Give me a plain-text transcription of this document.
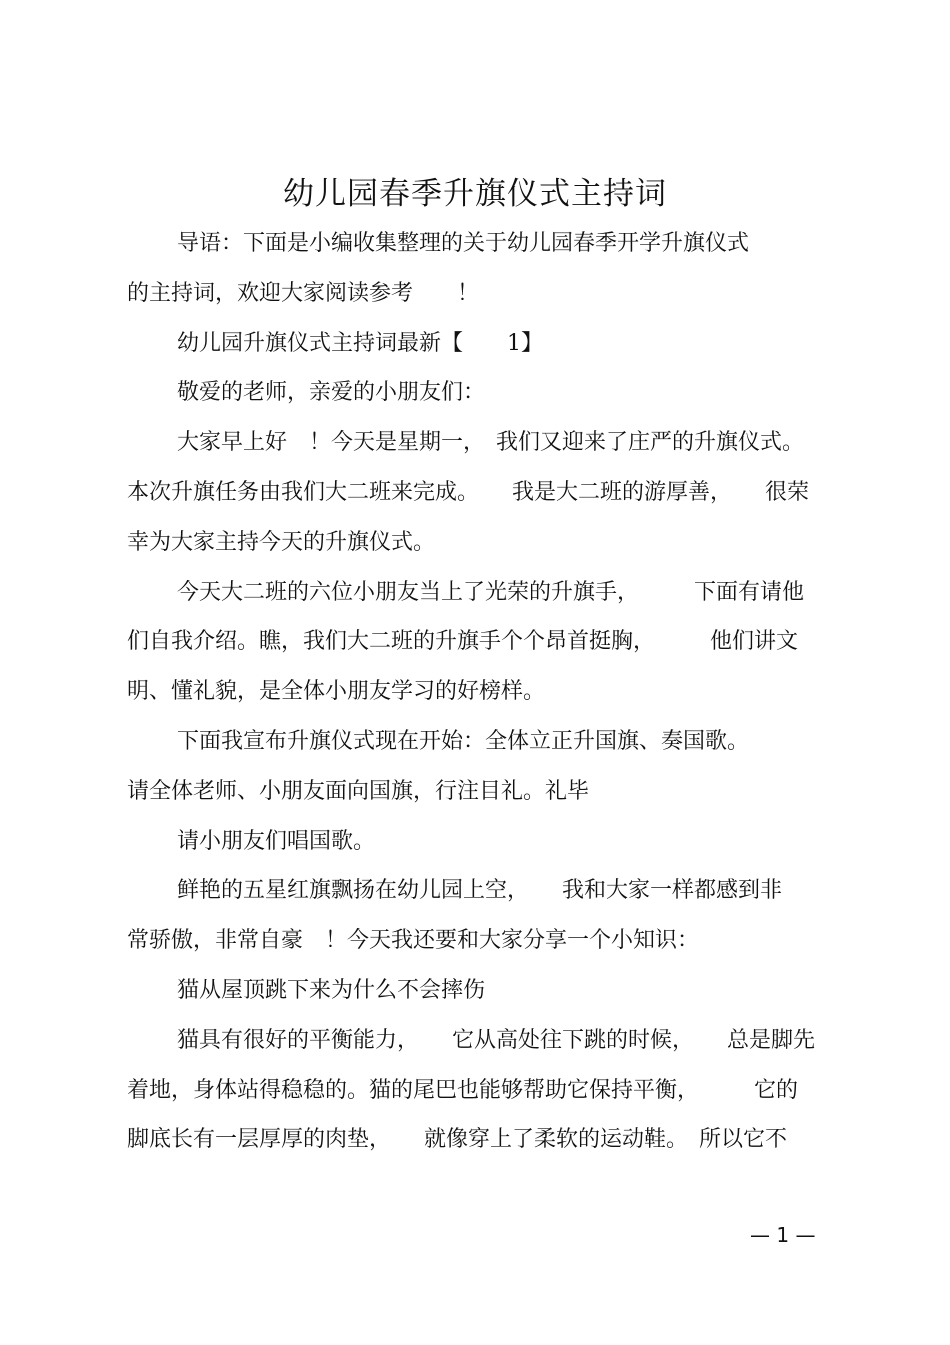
幼儿园春季升旗仪式主持词
导语：下面是小编收集整理的关于幼儿园春季开学升旗仪式
的主持词，欢迎大家阅读参考　　！
幼儿园升旗仪式主持词最新【　　1】
敬爱的老师，亲爱的小朋友们：
大家早上好　！今天是星期一，　我们又迎来了庄严的升旗仪式。
本次升旗任务由我们大二班来完成。　　我是大二班的游厚善，　　很荣
幸为大家主持今天的升旗仪式。
今天大二班的六位小朋友当上了光荣的升旗手，　　　下面有请他
们自我介绍。瞧，我们大二班的升旗手个个昂首挺胸，　　　他们讲文
明、懂礼貌，是全体小朋友学习的好榜样。
下面我宣布升旗仪式现在开始：全体立正升国旗、奏国歌。
请全体老师、小朋友面向国旗，行注目礼。礼毕
请小朋友们唱国歌。
鲜艳的五星红旗飘扬在幼儿园上空，　　我和大家一样都感到非
常骄傲，非常自豪　！今天我还要和大家分享一个小知识：
猫从屋顶跳下来为什么不会摔伤
猫具有很好的平衡能力，　　它从高处往下跳的时候，　　总是脚先
着地，身体站得稳稳的。猫的尾巴也能够帮助它保持平衡，　　　它的
脚底长有一层厚厚的肉垫，　　就像穿上了柔软的运动鞋。　所以它不
— 1 —
